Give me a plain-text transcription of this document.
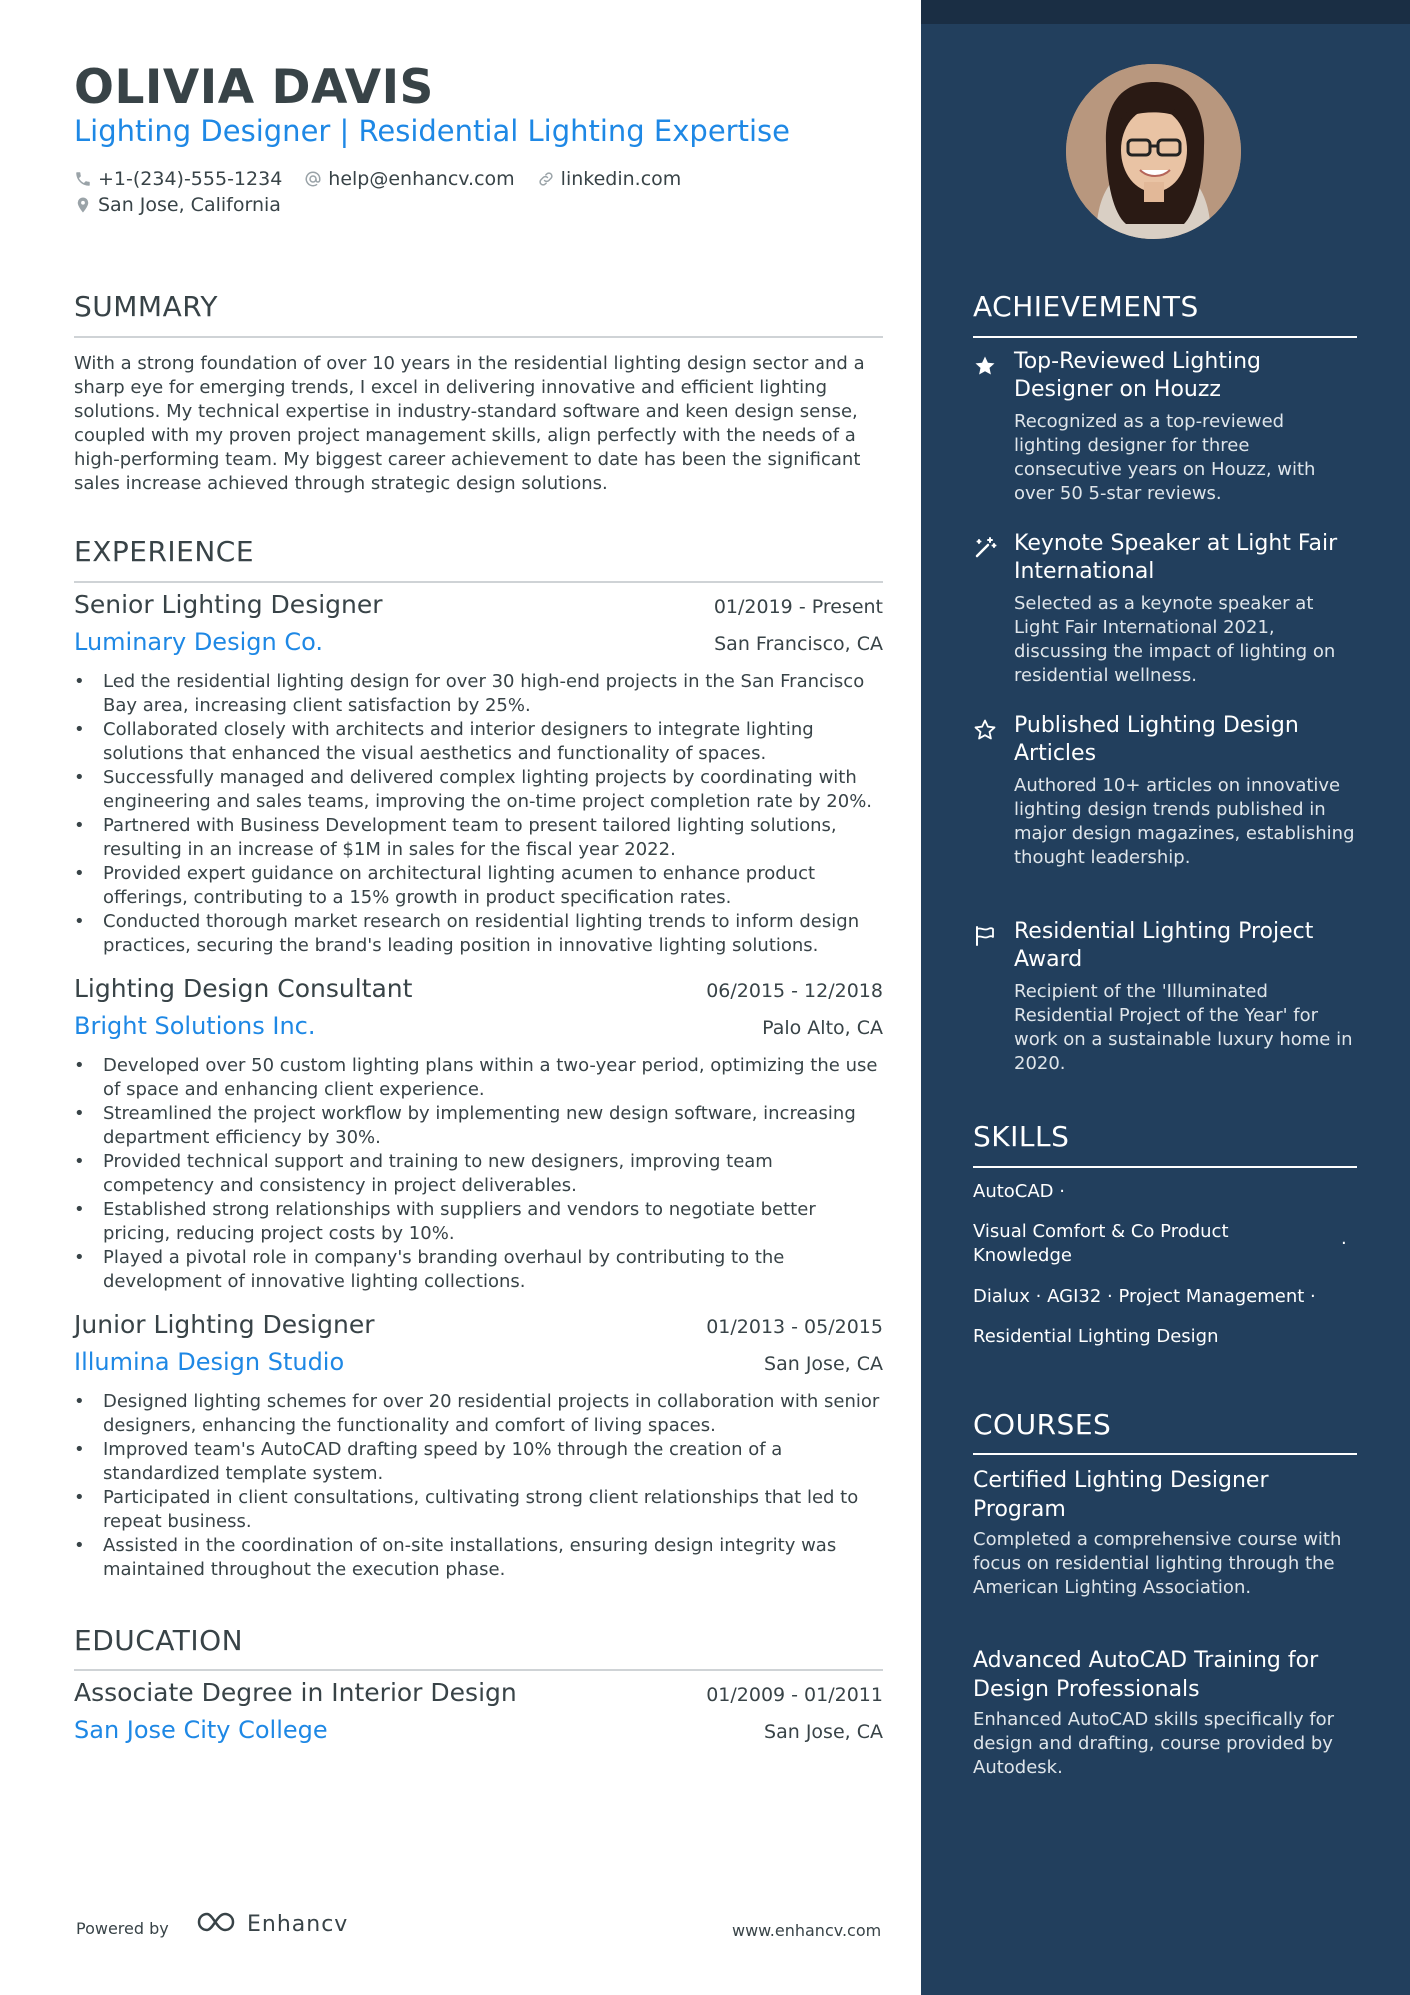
OLIVIA DAVIS
Lighting Designer | Residential Lighting Expertise
+1-(234)-555-1234 help@enhancv.com linkedin.com
San Jose, California
SUMMARY
With a strong foundation of over 10 years in the residential lighting design sector and a sharp eye for emerging trends, I excel in delivering innovative and efficient lighting solutions. My technical expertise in industry-standard software and keen design sense, coupled with my proven project management skills, align perfectly with the needs of a high-performing team. My biggest career achievement to date has been the significant sales increase achieved through strategic design solutions.
EXPERIENCE
Senior Lighting Designer	01/2019 - Present
Luminary Design Co.	San Francisco, CA
• Led the residential lighting design for over 30 high-end projects in the San Francisco Bay area, increasing client satisfaction by 25%.
• Collaborated closely with architects and interior designers to integrate lighting solutions that enhanced the visual aesthetics and functionality of spaces.
• Successfully managed and delivered complex lighting projects by coordinating with engineering and sales teams, improving the on-time project completion rate by 20%.
• Partnered with Business Development team to present tailored lighting solutions, resulting in an increase of $1M in sales for the fiscal year 2022.
• Provided expert guidance on architectural lighting acumen to enhance product offerings, contributing to a 15% growth in product specification rates.
• Conducted thorough market research on residential lighting trends to inform design practices, securing the brand's leading position in innovative lighting solutions.
Lighting Design Consultant	06/2015 - 12/2018
Bright Solutions Inc.	Palo Alto, CA
• Developed over 50 custom lighting plans within a two-year period, optimizing the use of space and enhancing client experience.
• Streamlined the project workflow by implementing new design software, increasing department efficiency by 30%.
• Provided technical support and training to new designers, improving team competency and consistency in project deliverables.
• Established strong relationships with suppliers and vendors to negotiate better pricing, reducing project costs by 10%.
• Played a pivotal role in company's branding overhaul by contributing to the development of innovative lighting collections.
Junior Lighting Designer	01/2013 - 05/2015
Illumina Design Studio	San Jose, CA
• Designed lighting schemes for over 20 residential projects in collaboration with senior designers, enhancing the functionality and comfort of living spaces.
• Improved team's AutoCAD drafting speed by 10% through the creation of a standardized template system.
• Participated in client consultations, cultivating strong client relationships that led to repeat business.
• Assisted in the coordination of on-site installations, ensuring design integrity was maintained throughout the execution phase.
EDUCATION
Associate Degree in Interior Design	01/2009 - 01/2011
San Jose City College	San Jose, CA
Powered by	Enhancv	www.enhancv.com
ACHIEVEMENTS
Top-Reviewed Lighting Designer on Houzz
Recognized as a top-reviewed lighting designer for three consecutive years on Houzz, with over 50 5-star reviews.
Keynote Speaker at Light Fair International
Selected as a keynote speaker at Light Fair International 2021, discussing the impact of lighting on residential wellness.
Published Lighting Design Articles
Authored 10+ articles on innovative lighting design trends published in major design magazines, establishing thought leadership.
Residential Lighting Project Award
Recipient of the 'Illuminated Residential Project of the Year' for work on a sustainable luxury home in 2020.
SKILLS
AutoCAD ·
Visual Comfort & Co Product
Knowledge
·
Dialux · AGI32 · Project Management ·
Residential Lighting Design
COURSES
Certified Lighting Designer Program
Completed a comprehensive course with focus on residential lighting through the American Lighting Association.
Advanced AutoCAD Training for Design Professionals
Enhanced AutoCAD skills specifically for design and drafting, course provided by Autodesk.
